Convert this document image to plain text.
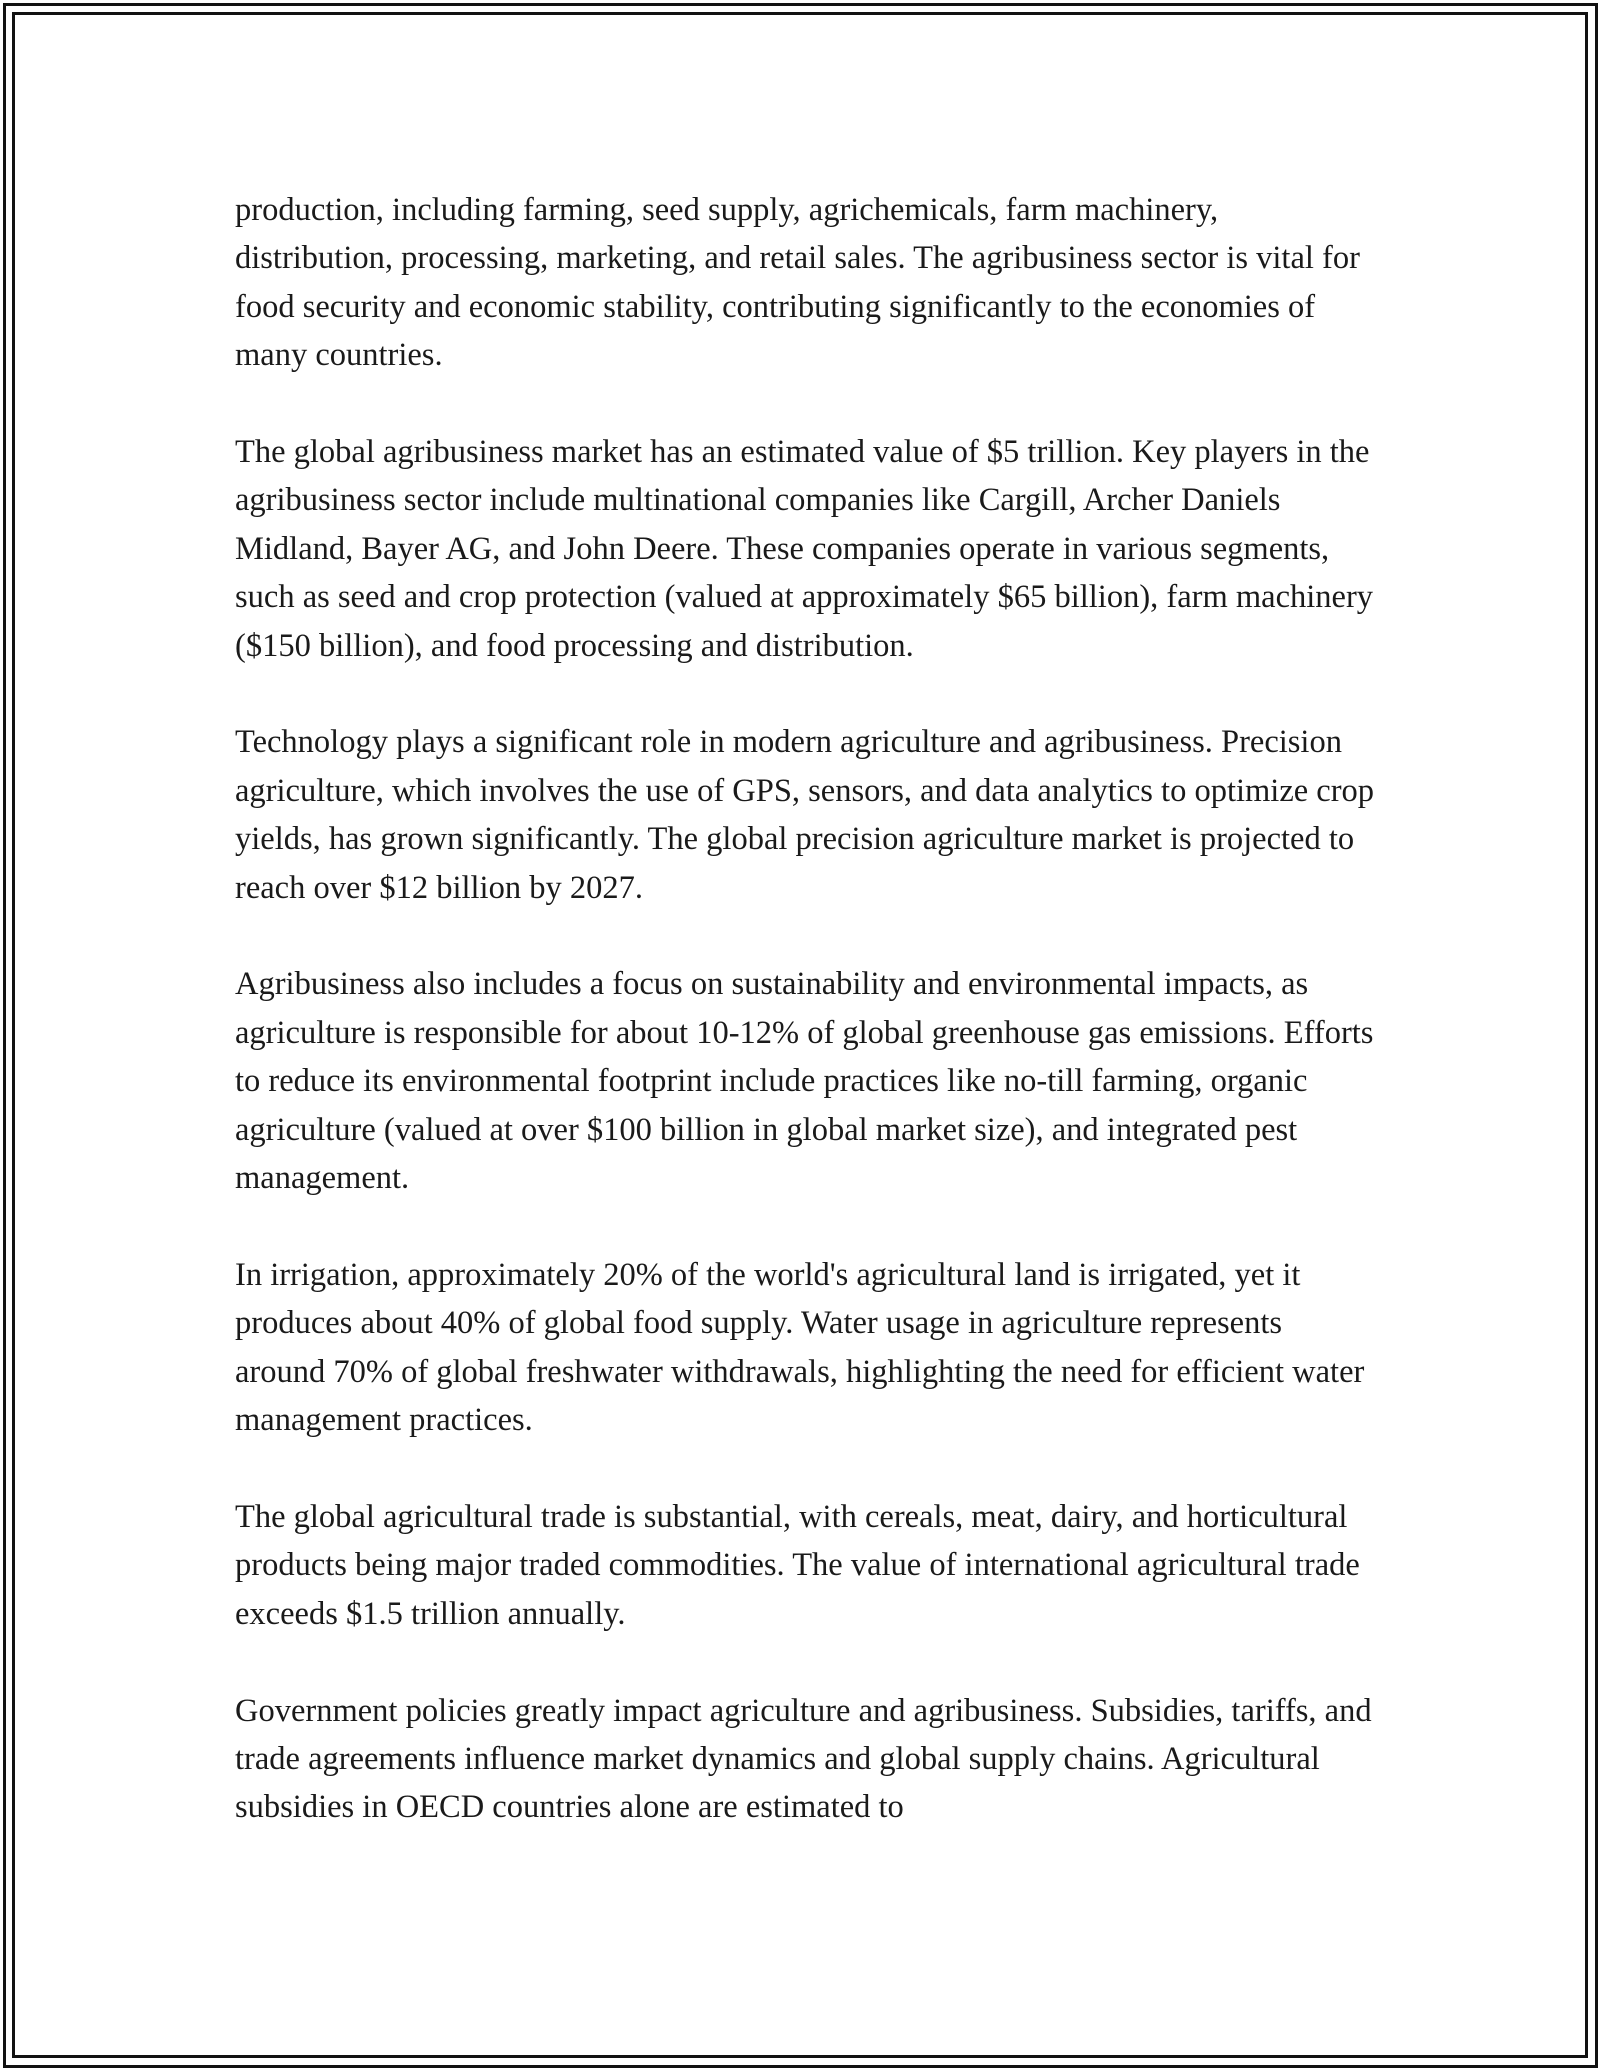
production, including farming, seed supply, agrichemicals, farm machinery, distribution, processing, marketing, and retail sales. The agribusiness sector is vital for food security and economic stability, contributing significantly to the economies of many countries.

The global agribusiness market has an estimated value of $5 trillion. Key players in the agribusiness sector include multinational companies like Cargill, Archer Daniels Midland, Bayer AG, and John Deere. These companies operate in various segments, such as seed and crop protection (valued at approximately $65 billion), farm machinery ($150 billion), and food processing and distribution.

Technology plays a significant role in modern agriculture and agribusiness. Precision agriculture, which involves the use of GPS, sensors, and data analytics to optimize crop yields, has grown significantly. The global precision agriculture market is projected to reach over $12 billion by 2027.

Agribusiness also includes a focus on sustainability and environmental impacts, as agriculture is responsible for about 10-12% of global greenhouse gas emissions. Efforts to reduce its environmental footprint include practices like no-till farming, organic agriculture (valued at over $100 billion in global market size), and integrated pest management.

In irrigation, approximately 20% of the world's agricultural land is irrigated, yet it produces about 40% of global food supply. Water usage in agriculture represents around 70% of global freshwater withdrawals, highlighting the need for efficient water management practices.

The global agricultural trade is substantial, with cereals, meat, dairy, and horticultural products being major traded commodities. The value of international agricultural trade exceeds $1.5 trillion annually.

Government policies greatly impact agriculture and agribusiness. Subsidies, tariffs, and trade agreements influence market dynamics and global supply chains. Agricultural subsidies in OECD countries alone are estimated to
